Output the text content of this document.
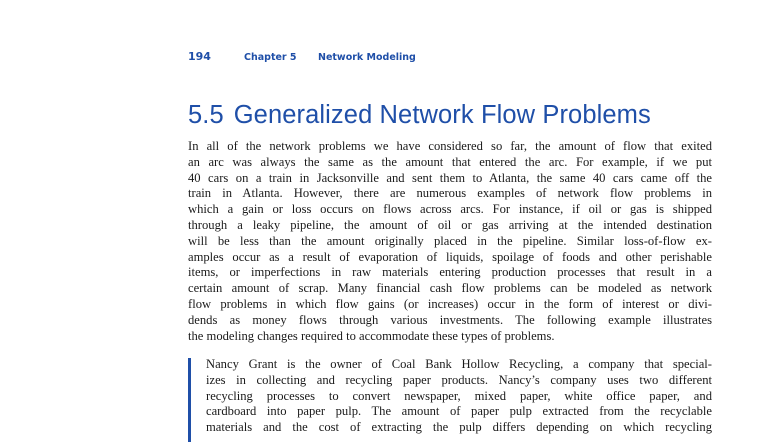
194	Chapter 5 Network Modeling
5.5 Generalized Network Flow Problems
In all of the network problems we have considered so far, the amount of flow that exited
an arc was always the same as the amount that entered the arc. For example, if we put
40 cars on a train in Jacksonville and sent them to Atlanta, the same 40 cars came off the
train in Atlanta. However, there are numerous examples of network flow problems in
which a gain or loss occurs on flows across arcs. For instance, if oil or gas is shipped
through a leaky pipeline, the amount of oil or gas arriving at the intended destination
will be less than the amount originally placed in the pipeline. Similar loss-of-flow ex-
amples occur as a result of evaporation of liquids, spoilage of foods and other perishable
items, or imperfections in raw materials entering production processes that result in a
certain amount of scrap. Many financial cash flow problems can be modeled as network
flow problems in which flow gains (or increases) occur in the form of interest or divi-
dends as money flows through various investments. The following example illustrates
the modeling changes required to accommodate these types of problems.
Nancy Grant is the owner of Coal Bank Hollow Recycling, a company that special-
izes in collecting and recycling paper products. Nancy’s company uses two different
recycling processes to convert newspaper, mixed paper, white office paper, and
cardboard into paper pulp. The amount of paper pulp extracted from the recyclable
materials and the cost of extracting the pulp differs depending on which recycling
